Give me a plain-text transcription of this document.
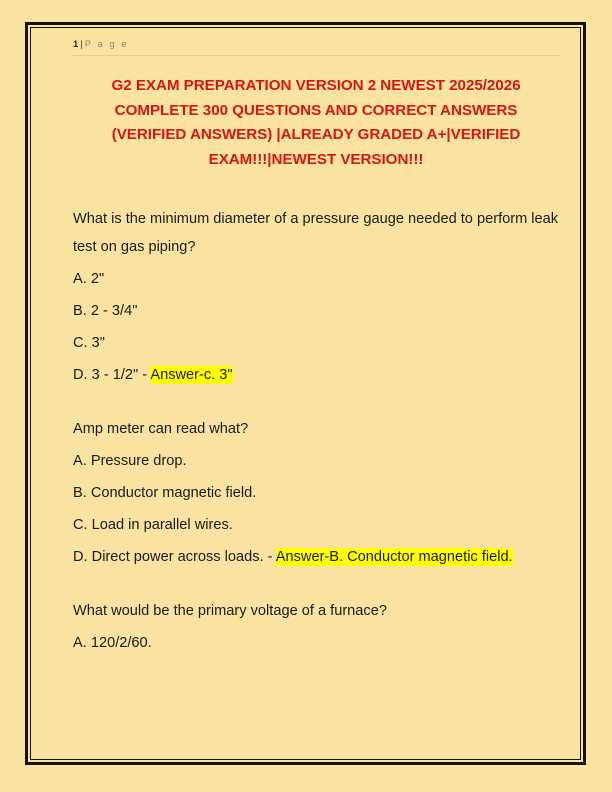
1 | P a g e
G2 EXAM PREPARATION VERSION 2 NEWEST 2025/2026 COMPLETE 300 QUESTIONS AND CORRECT ANSWERS (VERIFIED ANSWERS) |ALREADY GRADED A+|VERIFIED EXAM!!!|NEWEST VERSION!!!

What is the minimum diameter of a pressure gauge needed to perform leak test on gas piping?

A. 2"

B. 2 - 3/4"

C. 3"

D. 3 - 1/2" - Answer-c. 3"

Amp meter can read what?

A. Pressure drop.

B. Conductor magnetic field.

C. Load in parallel wires.

D. Direct power across loads. - Answer-B. Conductor magnetic field.

What would be the primary voltage of a furnace?

A. 120/2/60.
